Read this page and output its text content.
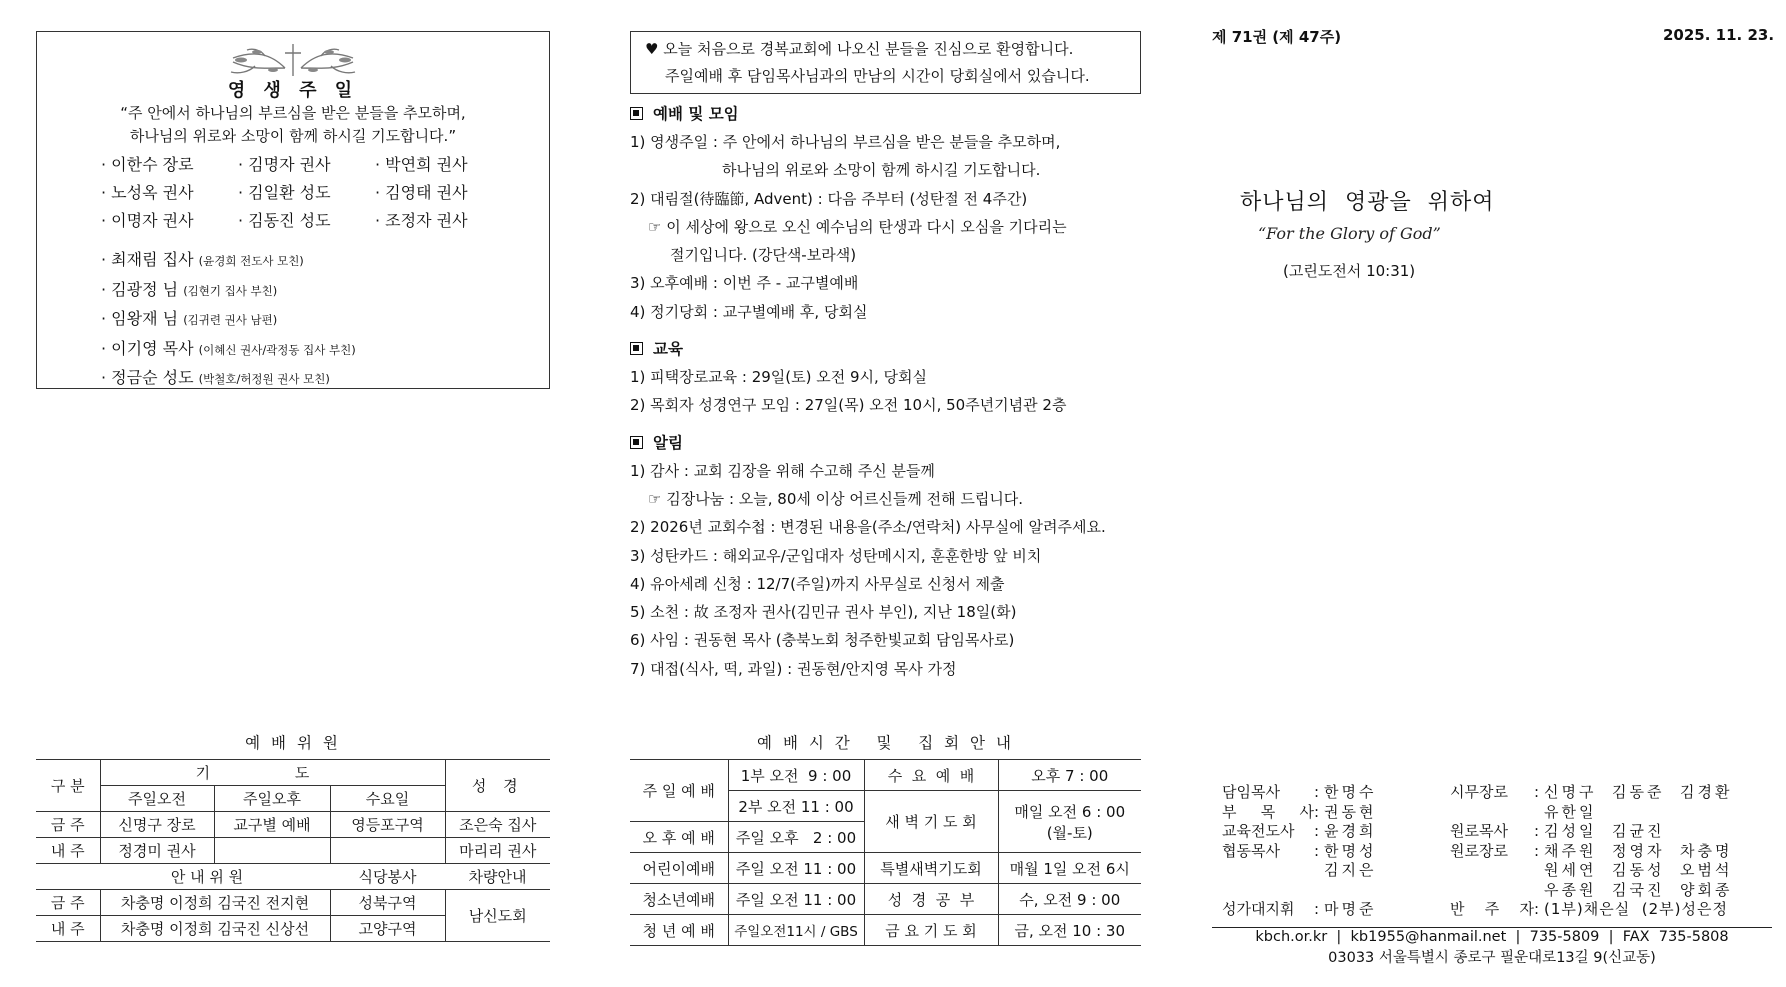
영 생 주 일
“주 안에서 하나님의 부르심을 받은 분들을 추모하며,
하나님의 위로와 소망이 함께 하시길 기도합니다.”
· 이한수 장로	· 김명자 권사	· 박연희 권사
· 노성옥 권사	· 김일환 성도	· 김영태 권사
· 이명자 권사	· 김동진 성도	· 조정자 권사
· 최재림 집사 (윤경희 전도사 모친)
· 김광정 님 (김현기 집사 부친)
· 임왕재 님 (김귀련 권사 남편)
· 이기영 목사 (이혜신 권사/곽정동 집사 부친)
· 정금순 성도 (박철호/허정원 권사 모친)
♥ 오늘 처음으로 경복교회에 나오신 분들을 진심으로 환영합니다.
주일예배 후 담임목사님과의 만남의 시간이 당회실에서 있습니다.
예배 및 모임
1) 영생주일 : 주 안에서 하나님의 부르심을 받은 분들을 추모하며,
하나님의 위로와 소망이 함께 하시길 기도합니다.
2) 대림절(待臨節, Advent) : 다음 주부터 (성탄절 전 4주간)
☞ 이 세상에 왕으로 오신 예수님의 탄생과 다시 오심을 기다리는
절기입니다. (강단색-보라색)
3) 오후예배 : 이번 주 - 교구별예배
4) 정기당회 : 교구별예배 후, 당회실
교육
1) 피택장로교육 : 29일(토) 오전 9시, 당회실
2) 목회자 성경연구 모임 : 27일(목) 오전 10시, 50주년기념관 2층
알림
1) 감사 : 교회 김장을 위해 수고해 주신 분들께
☞ 김장나눔 : 오늘, 80세 이상 어르신들께 전해 드립니다.
2) 2026년 교회수첩 : 변경된 내용을(주소/연락처) 사무실에 알려주세요.
3) 성탄카드 : 해외교우/군입대자 성탄메시지, 훈훈한방 앞 비치
4) 유아세례 신청 : 12/7(주일)까지 사무실로 신청서 제출
5) 소천 : 故 조정자 권사(김민규 권사 부인), 지난 18일(화)
6) 사임 : 권동현 목사 (충북노회 청주한빛교회 담임목사로)
7) 대접(식사, 떡, 과일) : 권동현/안지영 목사 가정
예 배 위 원
구 분	기 도			성 경
	주일오전	주일오후	수요일	
금 주	신명구 장로	교구별 예배	영등포구역	조은숙 집사
내 주	정경미 권사			마리리 권사
안 내 위 원			식당봉사	차량안내
금 주	차충명 이정희 김국진 전지현		성북구역	남신도회
내 주	차충명 이정희 김국진 신상선		고양구역	
예 배 시 간   및   집 회 안 내
주 일 예 배	1부 오전  9 : 00	수  요  예  배	오후 7 : 00
	2부 오전 11 : 00	새 벽 기 도 회	매일 오전 6 : 00
(월-토)

오 후 예 배	주일 오후   2 : 00		
어린이예배	주일 오전 11 : 00	특별새벽기도회	매월 1일 오전 6시
청소년예배	주일 오전 11 : 00	성  경  공  부	수, 오전 9 : 00
청 년 예 배	주일오전11시 / GBS	금 요 기 도 회	금, 오전 10 : 30
제 71권 (제 47주)	2025. 11. 23.
하나님의  영광을  위하여
“For the Glory of God”
(고린도전서 10:31)
담임목사	: 한명수	시무장로	: 신명구  김동준  김경환
부 목 사 : 권동현	유한일
교육전도사	: 윤경희	원로목사	: 김성일  김균진
협동목사	: 한명성	원로장로	: 채주원  정영자  차충명
김지은	원세연  김동성  오범석
우종원  김국진  양회종
성가대지휘	: 마명준	반 주 자 : (1부)채은실  (2부)성은정
kbch.or.kr  |  kb1955@hanmail.net  |  735-5809  |  FAX  735-5808
03033 서울특별시 종로구 필운대로13길 9(신교동)
